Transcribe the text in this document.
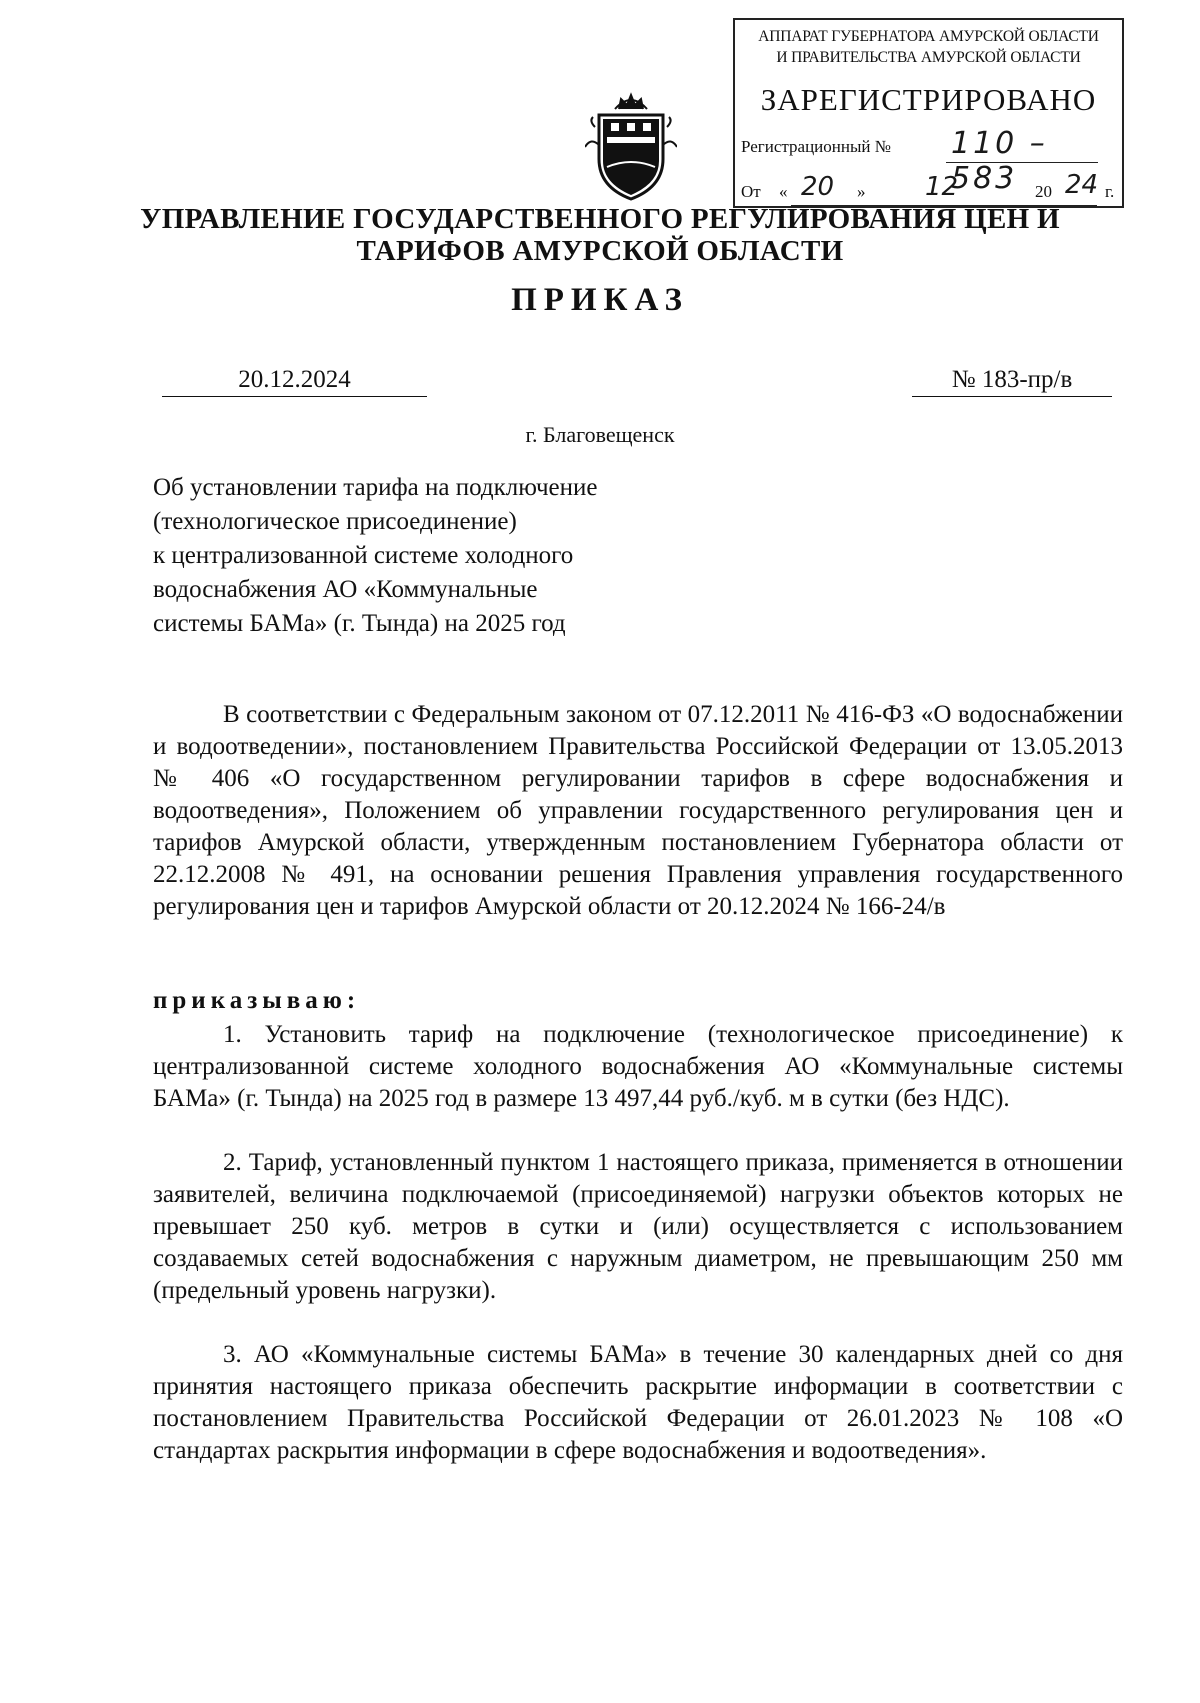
АППАРАТ ГУБЕРНАТОРА АМУРСКОЙ ОБЛАСТИ
И ПРАВИТЕЛЬСТВА АМУРСКОЙ ОБЛАСТИ
ЗАРЕГИСТРИРОВАНО
Регистрационный № 110 – 583
От « 20 » 12	20 24 г.
УПРАВЛЕНИЕ ГОСУДАРСТВЕННОГО РЕГУЛИРОВАНИЯ ЦЕН И
ТАРИФОВ АМУРСКОЙ ОБЛАСТИ
ПРИКАЗ
20.12.2024	№ 183-пр/в
г. Благовещенск
Об установлении тарифа на подключение
(технологическое присоединение)
к централизованной системе холодного
водоснабжения АО «Коммунальные
системы БАМа» (г. Тында) на 2025 год
В соответствии с Федеральным законом от 07.12.2011 № 416-ФЗ «О водоснабжении и водоотведении», постановлением Правительства Российской Федерации от 13.05.2013 № 406 «О государственном регулировании тарифов в сфере водоснабжения и водоотведения», Положением об управлении государственного регулирования цен и тарифов Амурской области, утвержденным постановлением Губернатора области от 22.12.2008 № 491, на основании решения Правления управления государственного регулирования цен и тарифов Амурской области от 20.12.2024 № 166-24/в
приказываю:
1. Установить тариф на подключение (технологическое присоединение) к централизованной системе холодного водоснабжения АО «Коммунальные системы БАМа» (г. Тында) на 2025 год в размере 13 497,44 руб./куб. м в сутки (без НДС).
2. Тариф, установленный пунктом 1 настоящего приказа, применяется в отношении заявителей, величина подключаемой (присоединяемой) нагрузки объектов которых не превышает 250 куб. метров в сутки и (или) осуществляется с использованием создаваемых сетей водоснабжения с наружным диаметром, не превышающим 250 мм (предельный уровень нагрузки).
3. АО «Коммунальные системы БАМа» в течение 30 календарных дней со дня принятия настоящего приказа обеспечить раскрытие информации в соответствии с постановлением Правительства Российской Федерации от 26.01.2023 № 108 «О стандартах раскрытия информации в сфере водоснабжения и водоотведения».
